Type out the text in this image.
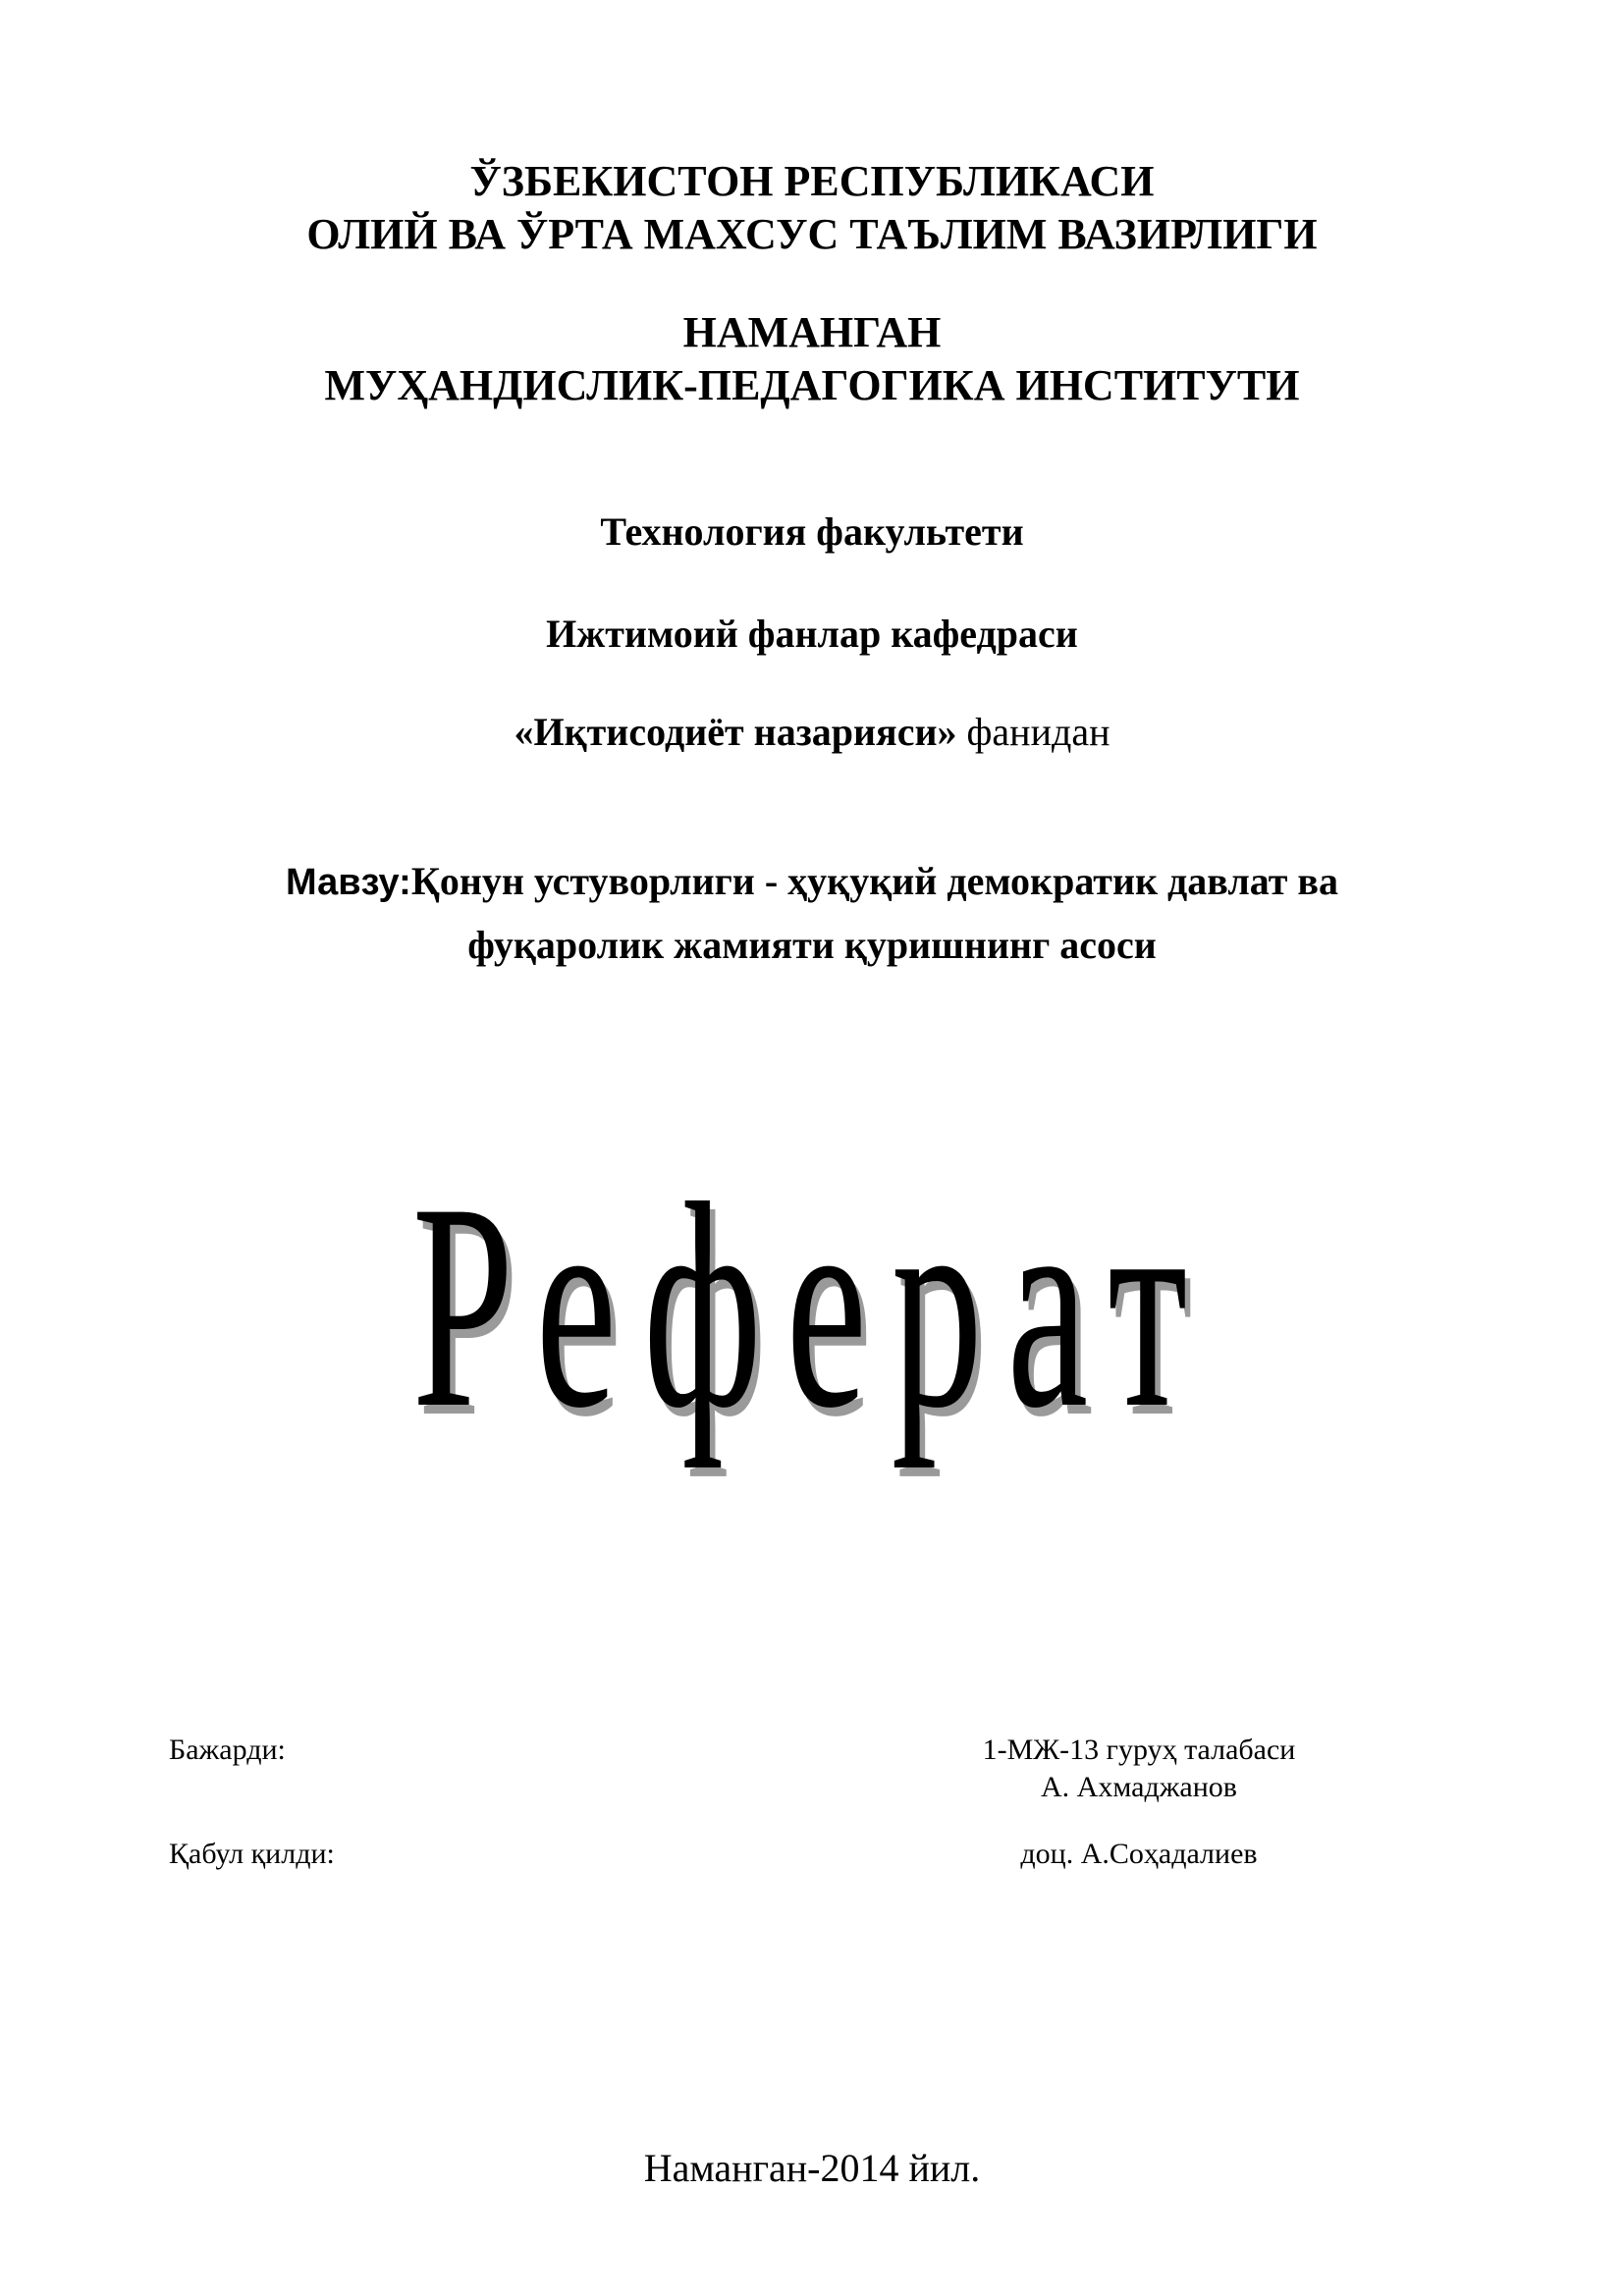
ЎЗБЕКИСТОН РЕСПУБЛИКАСИ
ОЛИЙ ВА ЎРТА МАХСУС ТАЪЛИМ ВАЗИРЛИГИ
НАМАНГАН
МУҲАНДИСЛИК-ПЕДАГОГИКА ИНСТИТУТИ
Технология факультети
Ижтимоий фанлар кафедраси
«Иқтисодиёт назарияси» фанидан
Мавзу:Қонун устуворлиги - ҳуқуқий демократик давлат ва
фуқаролик жамияти қуришнинг асоси
Реферат
Бажарди:	1-МЖ-13 гуруҳ талабаси
А. Ахмаджанов
Қабул қилди:	доц. А.Соҳадалиев
Наманган-2014 йил.
